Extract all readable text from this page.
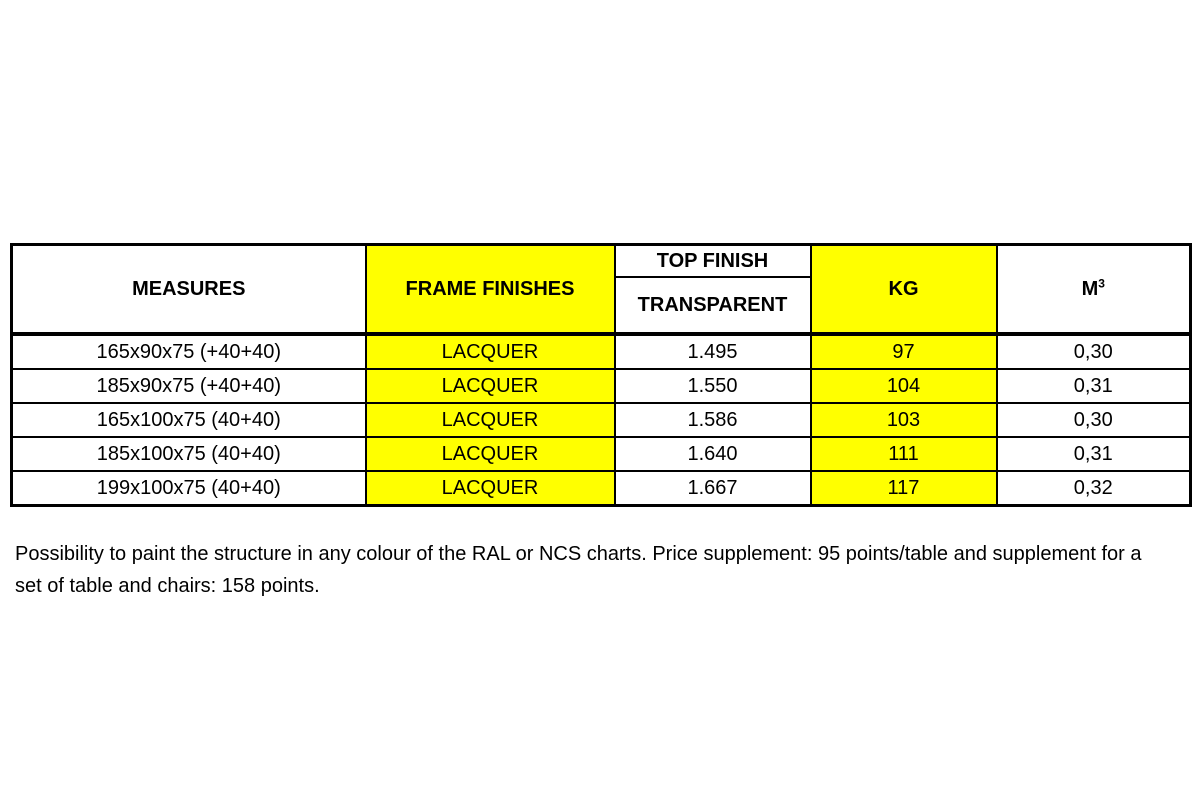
MEASURES	FRAME FINISHES	TOP FINISH	KG	$M^3$
		TRANSPARENT		
165x90x75 (+40+40)	LACQUER	1.495	97	0,30
185x90x75 (+40+40)	LACQUER	1.550	104	0,31
165x100x75 (40+40)	LACQUER	1.586	103	0,30
185x100x75 (40+40)	LACQUER	1.640	111	0,31
199x100x75 (40+40)	LACQUER	1.667	117	0,32

Possibility to paint the structure in any colour of the RAL or NCS charts. Price supplement: 95 points/table and supplement for a set of table and chairs: 158 points.
